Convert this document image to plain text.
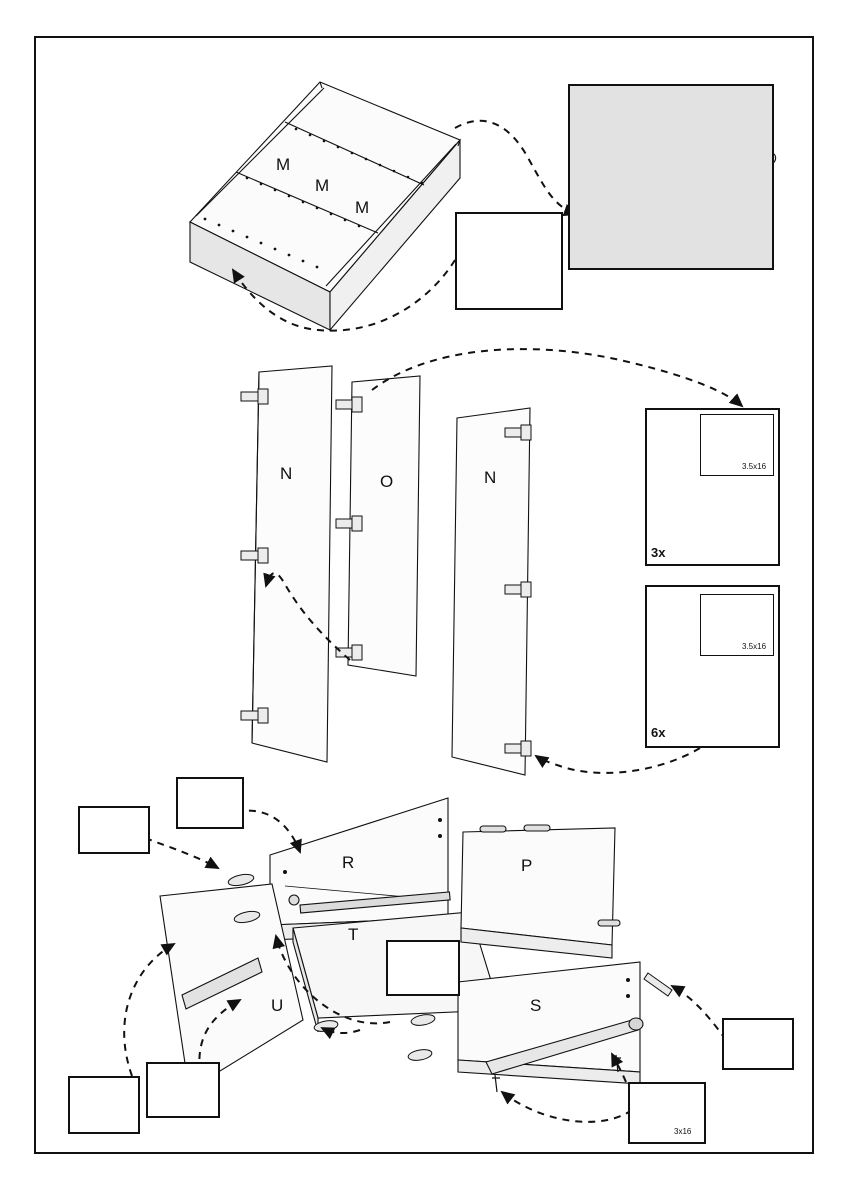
M
M
M
N	O	N
R	P
T
U	S
3x
6x
3.5x16
3.5x16
3x16
